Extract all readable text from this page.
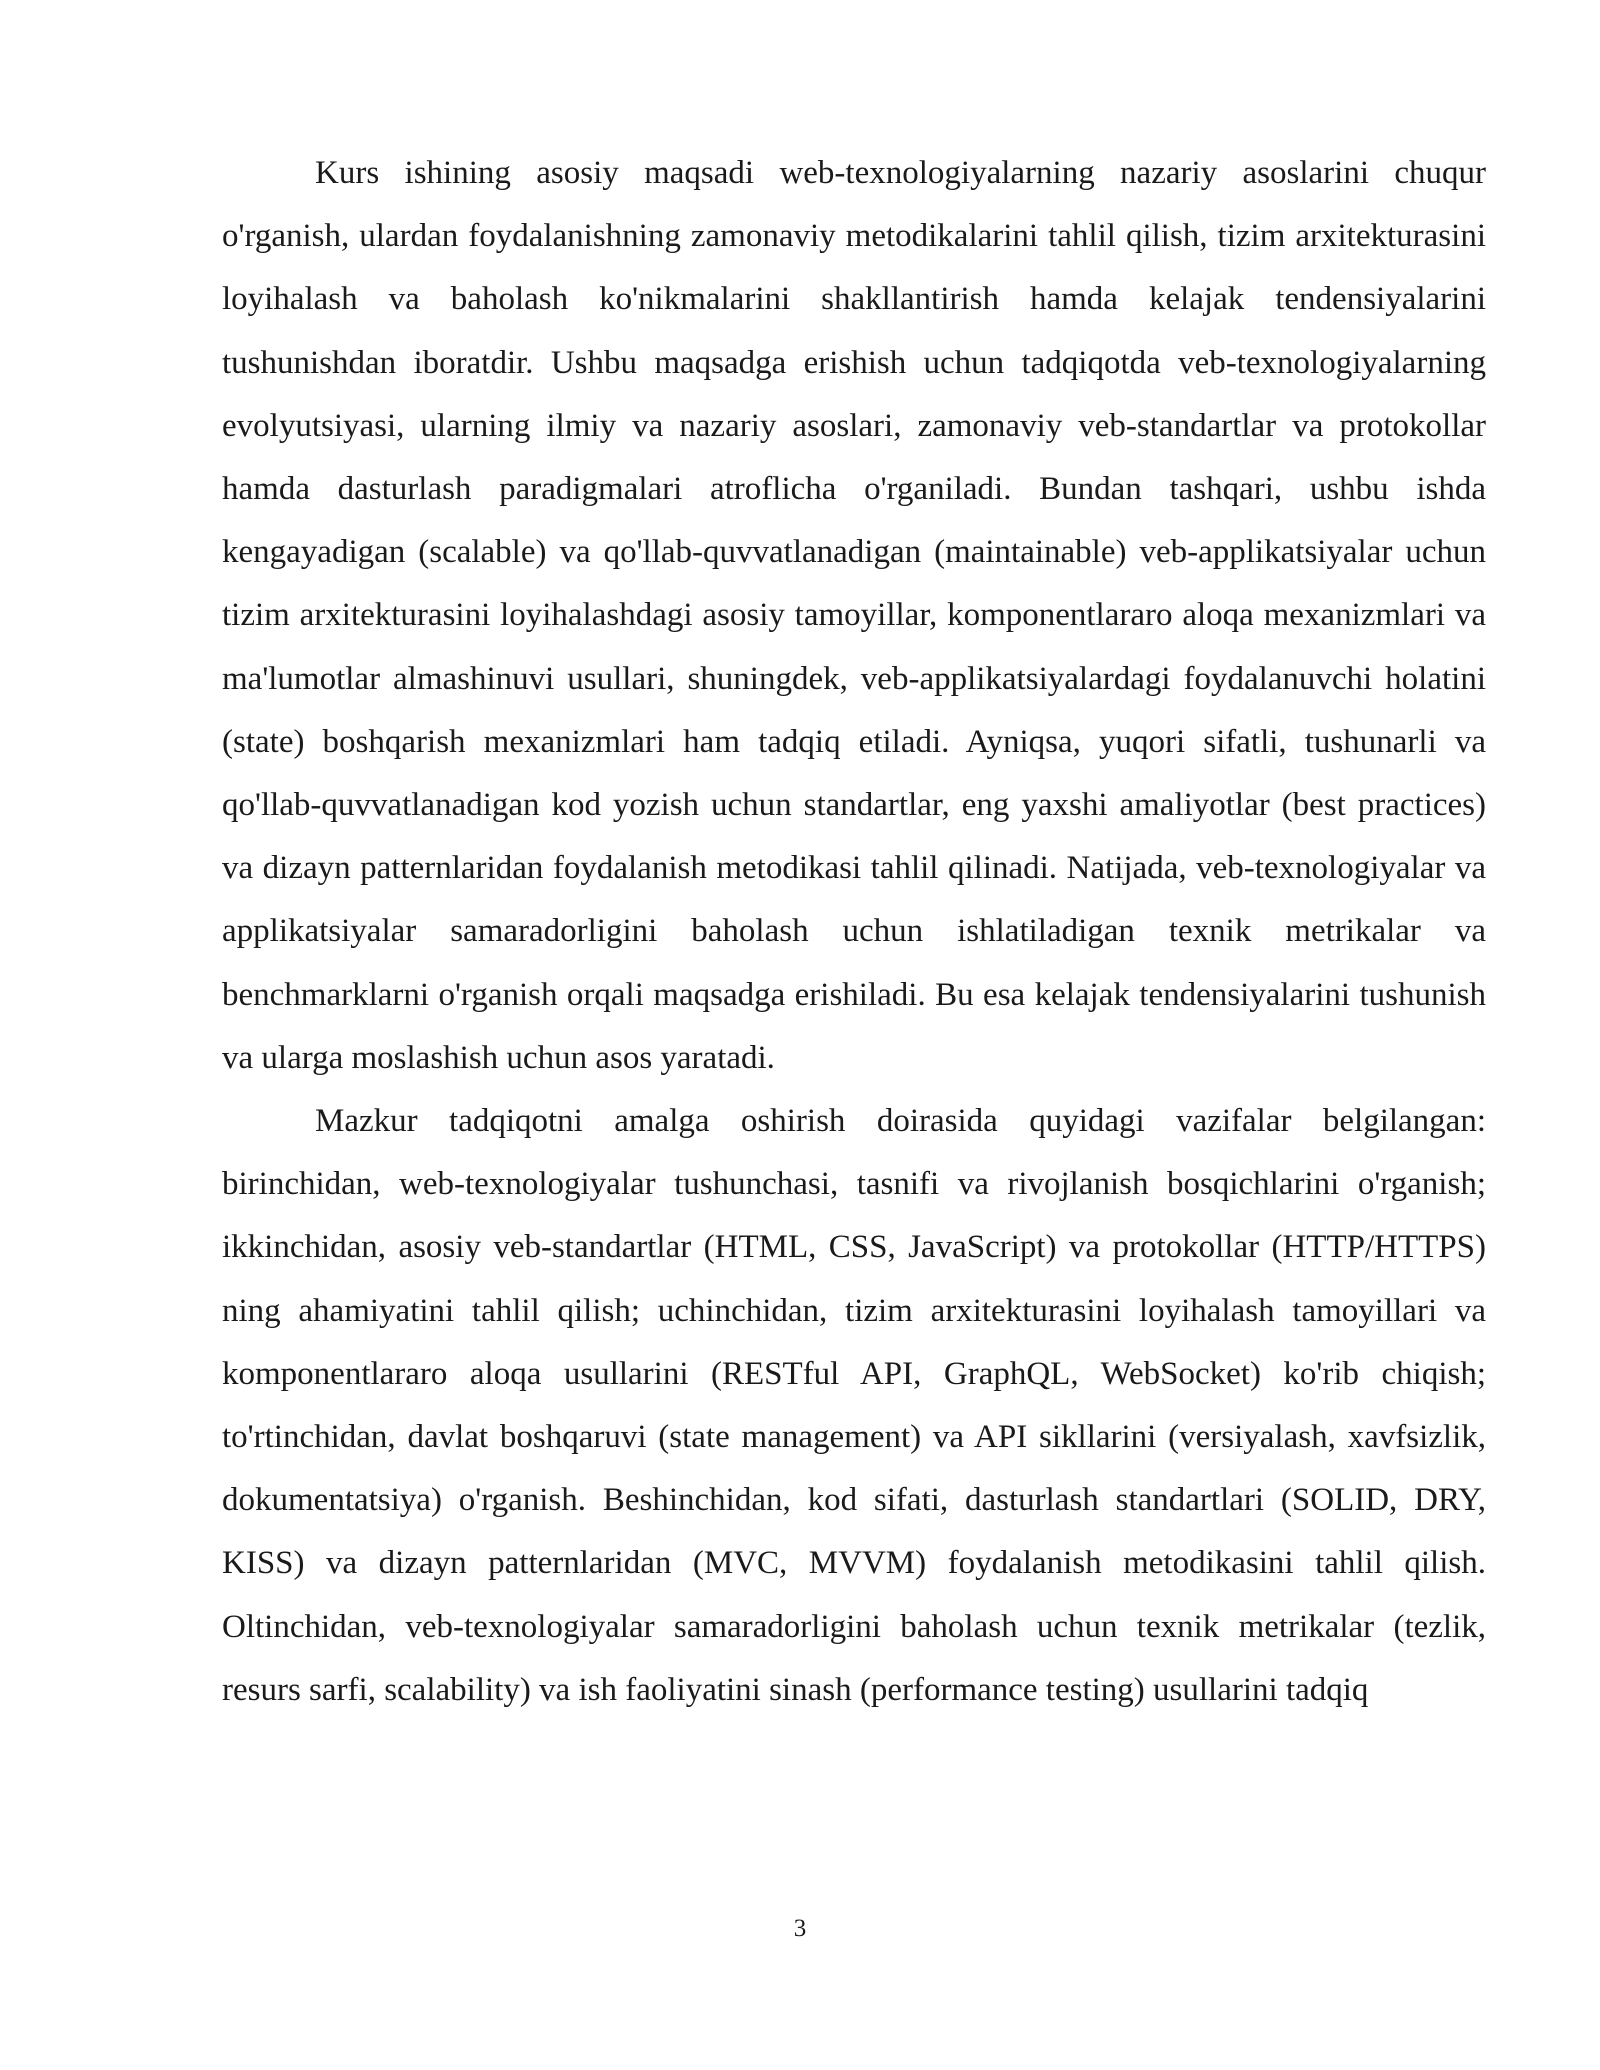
Kurs ishining asosiy maqsadi web-texnologiyalarning nazariy asoslarini chuqur o'rganish, ulardan foydalanishning zamonaviy metodikalarini tahlil qilish, tizim arxitekturasini loyihalash va baholash ko'nikmalarini shakllantirish hamda kelajak tendensiyalarini tushunishdan iboratdir. Ushbu maqsadga erishish uchun tadqiqotda veb-texnologiyalarning evolyutsiyasi, ularning ilmiy va nazariy asoslari, zamonaviy veb-standartlar va protokollar hamda dasturlash paradigmalari atroflicha o'rganiladi. Bundan tashqari, ushbu ishda kengayadigan (scalable) va qo'llab-quvvatlanadigan (maintainable) veb-applikatsiyalar uchun tizim arxitekturasini loyihalashdagi asosiy tamoyillar, komponentlararo aloqa mexanizmlari va ma'lumotlar almashinuvi usullari, shuningdek, veb-applikatsiyalardagi foydalanuvchi holatini (state) boshqarish mexanizmlari ham tadqiq etiladi. Ayniqsa, yuqori sifatli, tushunarli va qo'llab-quvvatlanadigan kod yozish uchun standartlar, eng yaxshi amaliyotlar (best practices) va dizayn patternlaridan foydalanish metodikasi tahlil qilinadi. Natijada, veb-texnologiyalar va applikatsiyalar samaradorligini baholash uchun ishlatiladigan texnik metrikalar va benchmarklarni o'rganish orqali maqsadga erishiladi. Bu esa kelajak tendensiyalarini tushunish va ularga moslashish uchun asos yaratadi.

Mazkur tadqiqotni amalga oshirish doirasida quyidagi vazifalar belgilangan: birinchidan, web-texnologiyalar tushunchasi, tasnifi va rivojlanish bosqichlarini o'rganish; ikkinchidan, asosiy veb-standartlar (HTML, CSS, JavaScript) va protokollar (HTTP/HTTPS) ning ahamiyatini tahlil qilish; uchinchidan, tizim arxitekturasini loyihalash tamoyillari va komponentlararo aloqa usullarini (RESTful API, GraphQL, WebSocket) ko'rib chiqish; to'rtinchidan, davlat boshqaruvi (state management) va API sikllarini (versiyalash, xavfsizlik, dokumentatsiya) o'rganish. Beshinchidan, kod sifati, dasturlash standartlari (SOLID, DRY, KISS) va dizayn patternlaridan (MVC, MVVM) foydalanish metodikasini tahlil qilish. Oltinchidan, veb-texnologiyalar samaradorligini baholash uchun texnik metrikalar (tezlik, resurs sarfi, scalability) va ish faoliyatini sinash (performance testing) usullarini tadqiq

3
